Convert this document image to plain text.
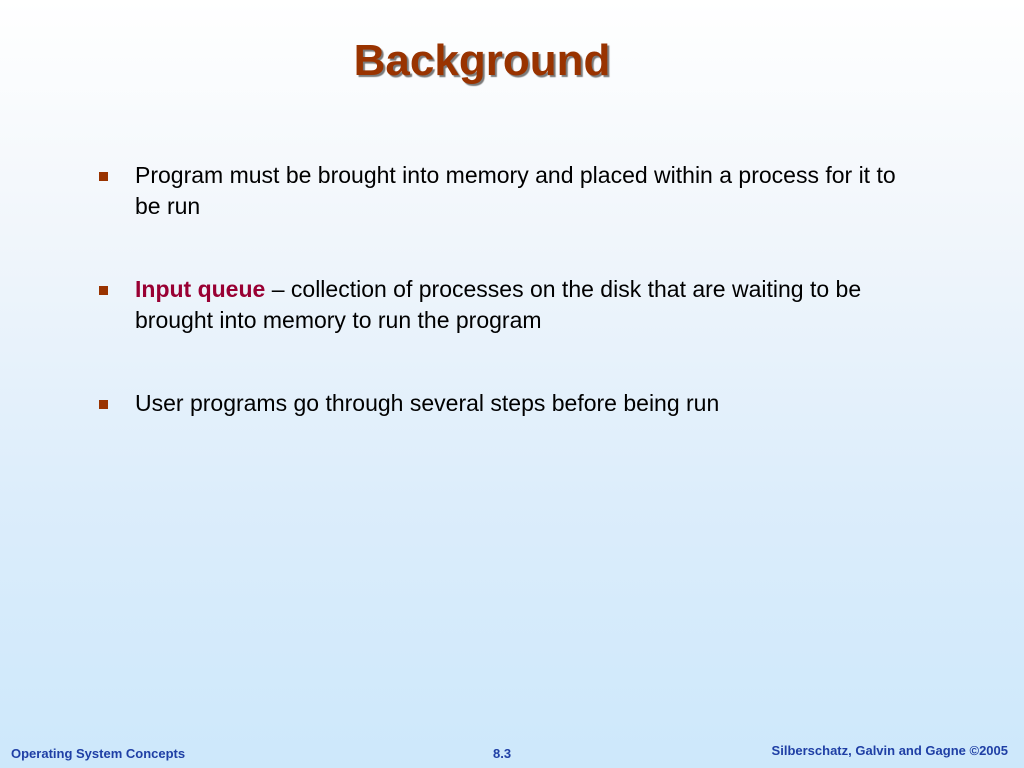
Background
Program must be brought into memory and placed within a process for it to be run
Input queue – collection of processes on the disk that are waiting to be brought into memory to run the program
User programs go through several steps before being run
Operating System Concepts	8.3	Silberschatz, Galvin and Gagne ©2005
